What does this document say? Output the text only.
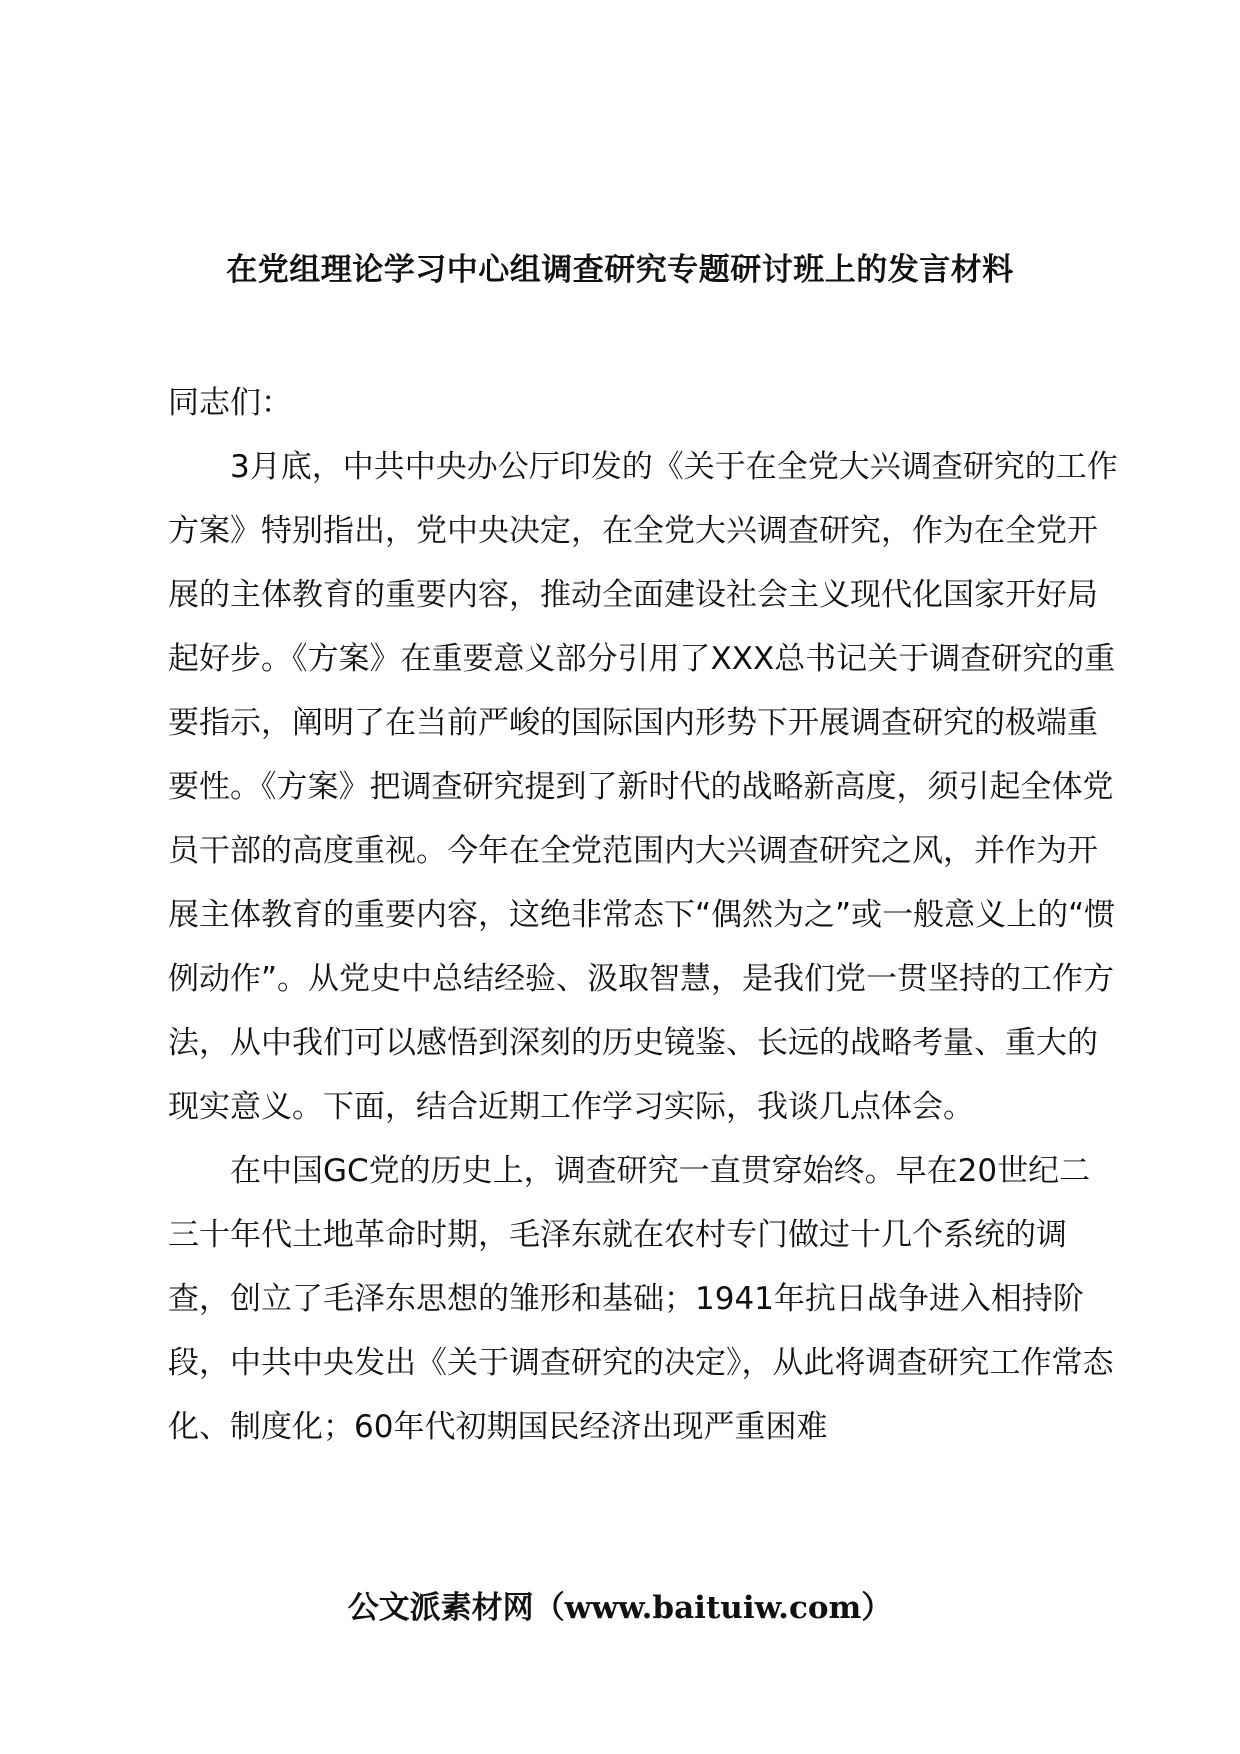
在党组理论学习中心组调查研究专题研讨班上的发言材料

同志们：

3月底，中共中央办公厅印发的《关于在全党大兴调查研究的工作方案》特别指出，党中央决定，在全党大兴调查研究，作为在全党开展的主体教育的重要内容，推动全面建设社会主义现代化国家开好局起好步。《方案》在重要意义部分引用了XXX总书记关于调查研究的重要指示，阐明了在当前严峻的国际国内形势下开展调查研究的极端重要性。《方案》把调查研究提到了新时代的战略新高度，须引起全体党员干部的高度重视。今年在全党范围内大兴调查研究之风，并作为开展主体教育的重要内容，这绝非常态下“偶然为之”或一般意义上的“惯例动作”。从党史中总结经验、汲取智慧，是我们党一贯坚持的工作方法，从中我们可以感悟到深刻的历史镜鉴、长远的战略考量、重大的现实意义。下面，结合近期工作学习实际，我谈几点体会。

在中国GC党的历史上，调查研究一直贯穿始终。早在20世纪二三十年代土地革命时期，毛泽东就在农村专门做过十几个系统的调查，创立了毛泽东思想的雏形和基础；1941年抗日战争进入相持阶段，中共中央发出《关于调查研究的决定》，从此将调查研究工作常态化、制度化；60年代初期国民经济出现严重困难

公文派素材网（www.baituiw.com）
